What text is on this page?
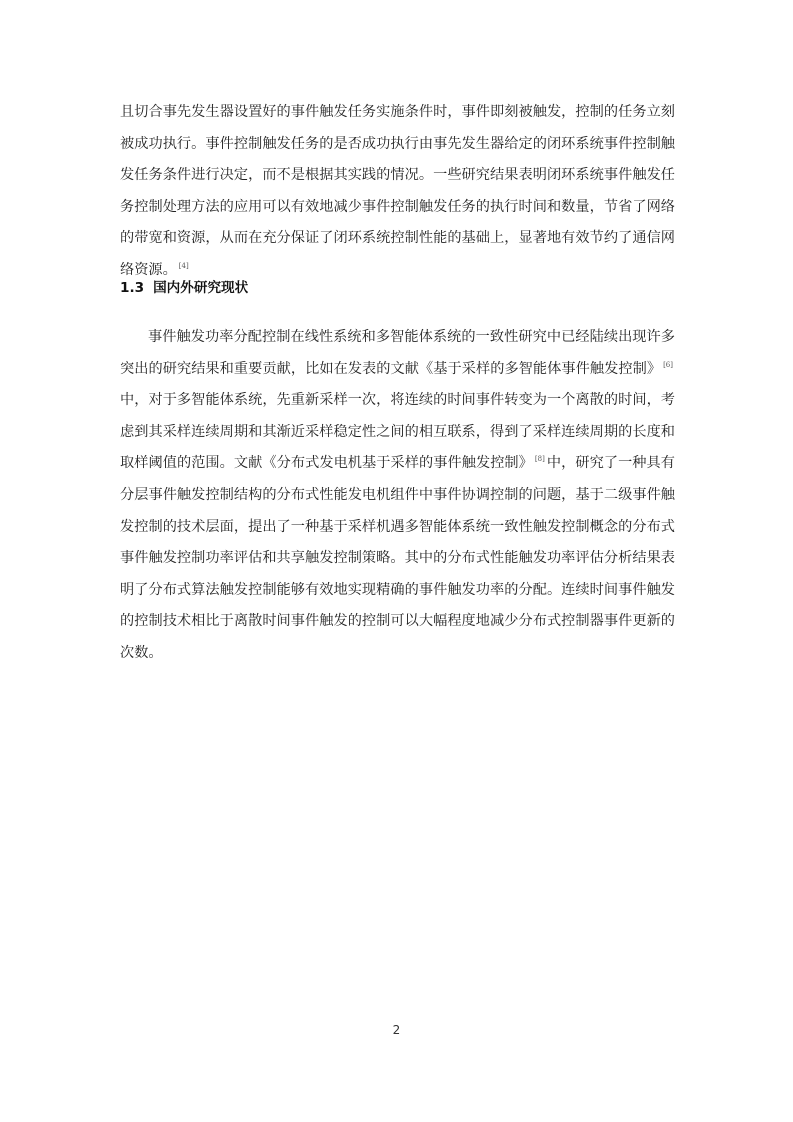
且切合事先发生器设置好的事件触发任务实施条件时，事件即刻被触发，控制的任务立刻被成功执行。事件控制触发任务的是否成功执行由事先发生器给定的闭环系统事件控制触发任务条件进行决定，而不是根据其实践的情况。一些研究结果表明闭环系统事件触发任务控制处理方法的应用可以有效地减少事件控制触发任务的执行时间和数量，节省了网络的带宽和资源，从而在充分保证了闭环系统控制性能的基础上，显著地有效节约了通信网络资源。 [4]

1.3 国内外研究现状

事件触发功率分配控制在线性系统和多智能体系统的一致性研究中已经陆续出现许多突出的研究结果和重要贡献，比如在发表的文献《基于采样的多智能体事件触发控制》 [6]中，对于多智能体系统，先重新采样一次，将连续的时间事件转变为一个离散的时间，考虑到其采样连续周期和其渐近采样稳定性之间的相互联系，得到了采样连续周期的长度和取样阈值的范围。文献《分布式发电机基于采样的事件触发控制》 [8] 中，研究了一种具有分层事件触发控制结构的分布式性能发电机组件中事件协调控制的问题，基于二级事件触发控制的技术层面，提出了一种基于采样机遇多智能体系统一致性触发控制概念的分布式事件触发控制功率评估和共享触发控制策略。其中的分布式性能触发功率评估分析结果表明了分布式算法触发控制能够有效地实现精确的事件触发功率的分配。连续时间事件触发的控制技术相比于离散时间事件触发的控制可以大幅程度地减少分布式控制器事件更新的次数。

2
